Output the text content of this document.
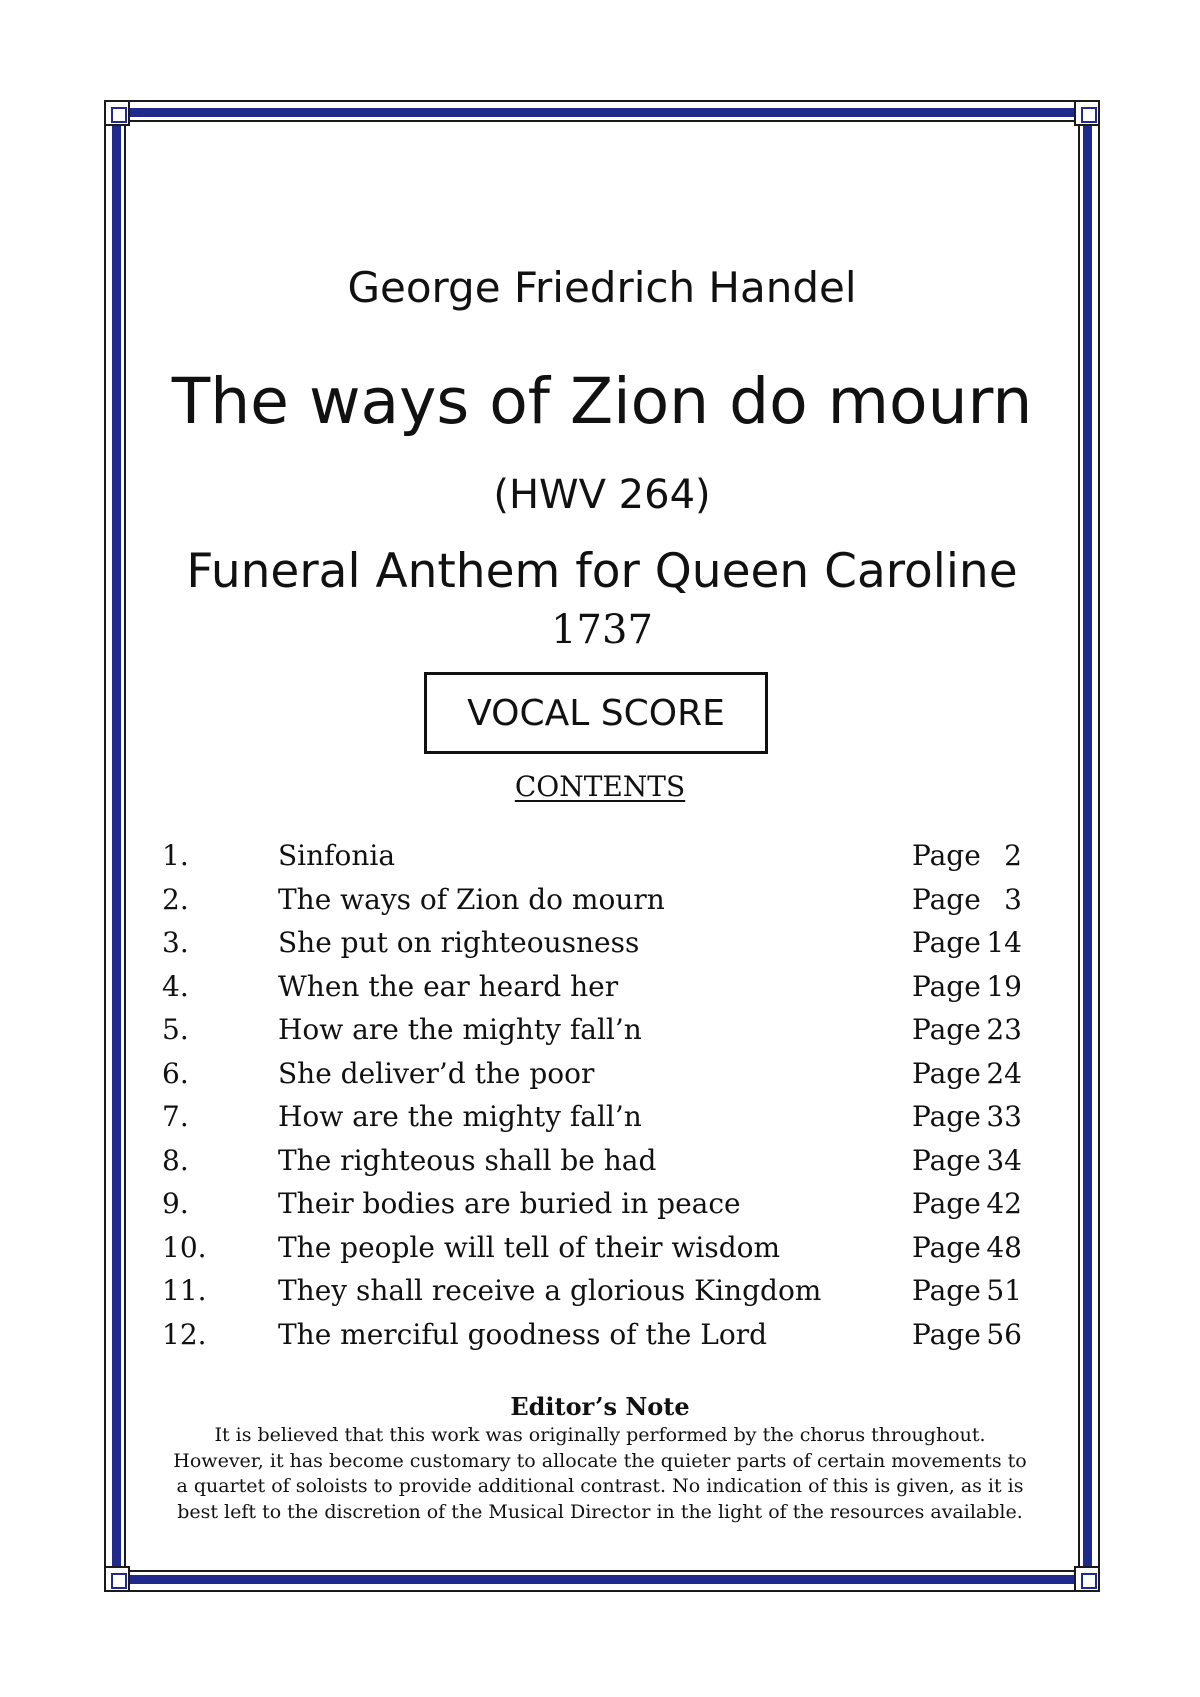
George Friedrich Handel
The ways of Zion do mourn
(HWV 264)
Funeral Anthem for Queen Caroline
1737
VOCAL SCORE
CONTENTS
1.	Sinfonia	Page 2
2.	The ways of Zion do mourn	Page 3
3.	She put on righteousness	Page 14
4.	When the ear heard her	Page 19
5.	How are the mighty fall’n	Page 23
6.	She deliver’d the poor	Page 24
7.	How are the mighty fall’n	Page 33
8.	The righteous shall be had	Page 34
9.	Their bodies are buried in peace	Page 42
10.	The people will tell of their wisdom	Page 48
11.	They shall receive a glorious Kingdom	Page 51
12.	The merciful goodness of the Lord	Page 56
Editor’s Note
It is believed that this work was originally performed by the chorus throughout.
However, it has become customary to allocate the quieter parts of certain movements to
a quartet of soloists to provide additional contrast. No indication of this is given, as it is
best left to the discretion of the Musical Director in the light of the resources available.
